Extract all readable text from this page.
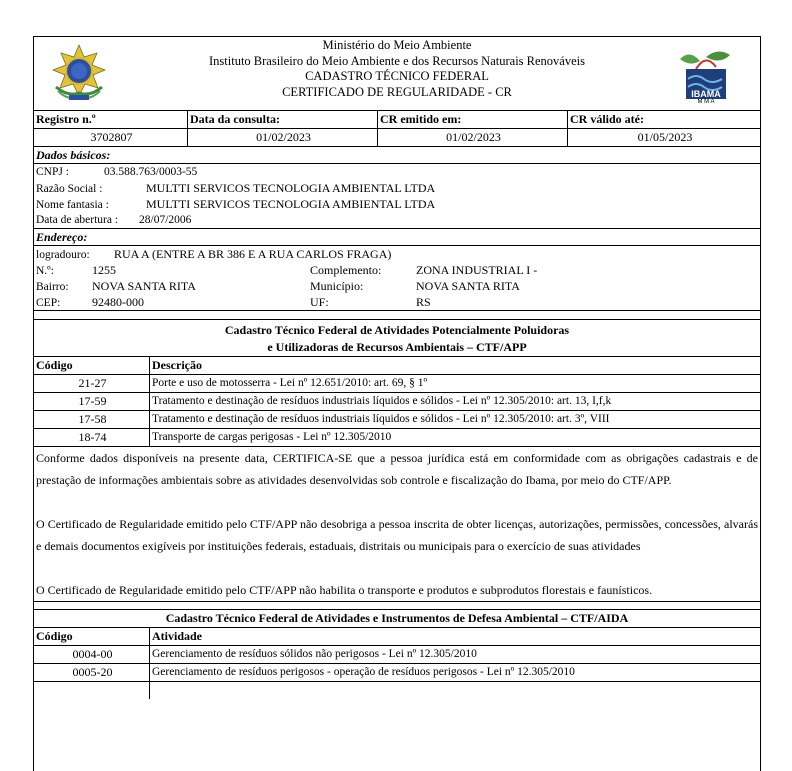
Ministério do Meio Ambiente
Instituto Brasileiro do Meio Ambiente e dos Recursos Naturais Renováveis
CADASTRO TÉCNICO FEDERAL
CERTIFICADO DE REGULARIDADE - CR	IBAMA
M M A
Registro n.º	Data da consulta:	CR emitido em:	CR válido até:
3702807	01/02/2023	01/02/2023	01/05/2023
Dados básicos:
CNPJ :	03.588.763/0003-55
Razão Social :	MULTTI SERVICOS TECNOLOGIA AMBIENTAL LTDA
Nome fantasia :	MULTTI SERVICOS TECNOLOGIA AMBIENTAL LTDA
Data de abertura : 28/07/2006
Endereço:
logradouro: RUA A (ENTRE A BR 386 E A RUA CARLOS FRAGA)
N.º:	1255	Complemento:	ZONA INDUSTRIAL I -
Bairro: NOVA SANTA RITA	Município:	NOVA SANTA RITA
CEP:	92480-000	UF:	RS
Cadastro Técnico Federal de Atividades Potencialmente Poluidoras
e Utilizadoras de Recursos Ambientais – CTF/APP
Código	Descrição
21-27	Porte e uso de motosserra - Lei nº 12.651/2010: art. 69, § 1º
17-59	Tratamento e destinação de resíduos industriais líquidos e sólidos - Lei nº 12.305/2010: art. 13, I,f,k
17-58	Tratamento e destinação de resíduos industriais líquidos e sólidos - Lei nº 12.305/2010: art. 3º, VIII
18-74	Transporte de cargas perigosas - Lei nº 12.305/2010
Conforme dados disponíveis na presente data, CERTIFICA-SE que a pessoa jurídica está em conformidade com as obrigações cadastrais e de prestação de informações ambientais sobre as atividades desenvolvidas sob controle e fiscalização do Ibama, por meio do CTF/APP.
O Certificado de Regularidade emitido pelo CTF/APP não desobriga a pessoa inscrita de obter licenças, autorizações, permissões, concessões, alvarás e demais documentos exigíveis por instituições federais, estaduais, distritais ou municipais para o exercício de suas atividades
O Certificado de Regularidade emitido pelo CTF/APP não habilita o transporte e produtos e subprodutos florestais e faunísticos.
Cadastro Técnico Federal de Atividades e Instrumentos de Defesa Ambiental – CTF/AIDA
Código	Atividade
0004-00	Gerenciamento de resíduos sólidos não perigosos - Lei nº 12.305/2010
0005-20	Gerenciamento de resíduos perigosos - operação de resíduos perigosos - Lei nº 12.305/2010
